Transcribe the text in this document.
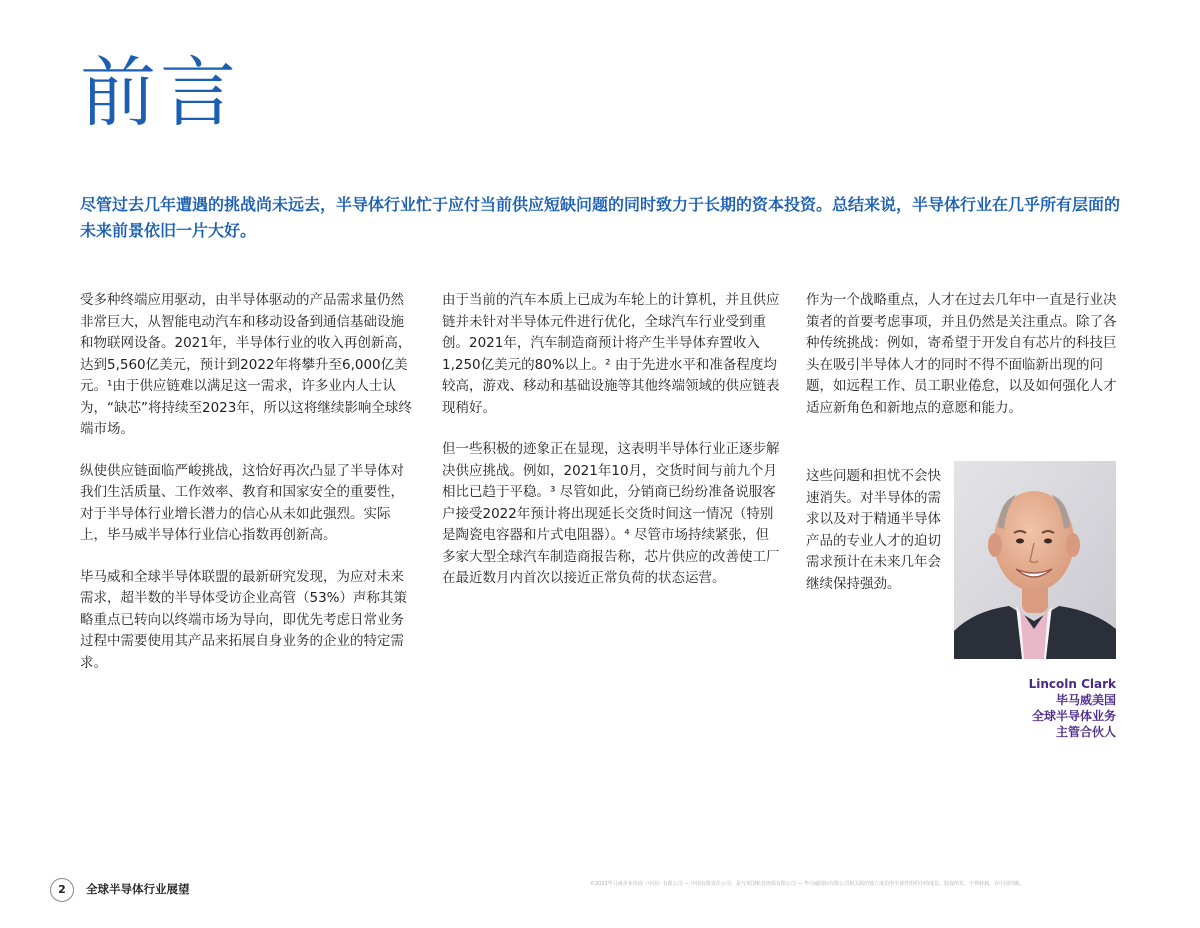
前言
尽管过去几年遭遇的挑战尚未远去，半导体行业忙于应付当前供应短缺问题的同时致力于长期的资本投资。总结来说，半导体行业在几乎所有层面的未来前景依旧一片大好。

受多种终端应用驱动，由半导体驱动的产品需求量仍然非常巨大，从智能电动汽车和移动设备到通信基础设施和物联网设备。2021年，半导体行业的收入再创新高，达到5,560亿美元，预计到2022年将攀升至6,000亿美元。¹由于供应链难以满足这一需求，许多业内人士认为，“缺芯”将持续至2023年，所以这将继续影响全球终端市场。

纵使供应链面临严峻挑战，这恰好再次凸显了半导体对我们生活质量、工作效率、教育和国家安全的重要性，对于半导体行业增长潜力的信心从未如此强烈。实际上，毕马威半导体行业信心指数再创新高。

毕马威和全球半导体联盟的最新研究发现，为应对未来需求，超半数的半导体受访企业高管（53%）声称其策略重点已转向以终端市场为导向，即优先考虑日常业务过程中需要使用其产品来拓展自身业务的企业的特定需求。

由于当前的汽车本质上已成为车轮上的计算机，并且供应链并未针对半导体元件进行优化，全球汽车行业受到重创。2021年，汽车制造商预计将产生半导体弃置收入1,250亿美元的80%以上。² 由于先进水平和准备程度均较高，游戏、移动和基础设施等其他终端领域的供应链表现稍好。

但一些积极的迹象正在显现，这表明半导体行业正逐步解决供应挑战。例如，2021年10月，交货时间与前九个月相比已趋于平稳。³ 尽管如此，分销商已纷纷准备说服客户接受2022年预计将出现延长交货时间这一情况（特别是陶瓷电容器和片式电阻器）。⁴ 尽管市场持续紧张，但多家大型全球汽车制造商报告称，芯片供应的改善使工厂在最近数月内首次以接近正常负荷的状态运营。

作为一个战略重点，人才在过去几年中一直是行业决策者的首要考虑事项，并且仍然是关注重点。除了各种传统挑战：例如，寄希望于开发自有芯片的科技巨头在吸引半导体人才的同时不得不面临新出现的问题，如远程工作、员工职业倦怠，以及如何强化人才适应新角色和新地点的意愿和能力。

这些问题和担忧不会快速消失。对半导体的需求以及对于精通半导体产品的专业人才的迫切需求预计在未来几年会继续保持强劲。

Lincoln Clark
毕马威美国
全球半导体业务
主管合伙人
2	全球半导体行业展望	©2022毕马威企业咨询（中国）有限公司 — 中国有限责任公司，是与英国私营担保有限公司 — 毕马威国际有限公司相关联的独立成员所全球性组织中的成员。版权所有，不得转载。在中国印刷。
